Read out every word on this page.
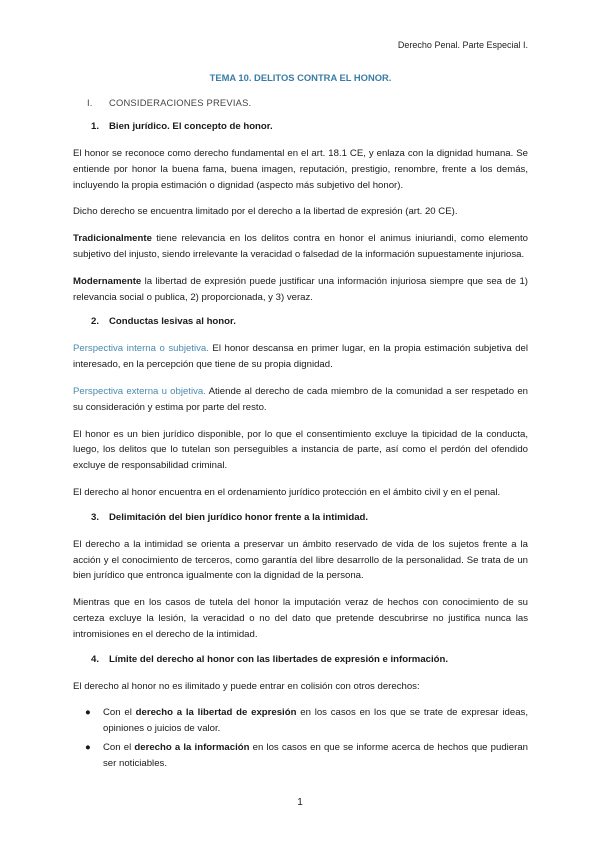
Derecho Penal. Parte Especial I.
TEMA 10. DELITOS CONTRA EL HONOR.
I. CONSIDERACIONES PREVIAS.
1. Bien jurídico. El concepto de honor.

El honor se reconoce como derecho fundamental en el art. 18.1 CE, y enlaza con la dignidad humana. Se entiende por honor la buena fama, buena imagen, reputación, prestigio, renombre, frente a los demás, incluyendo la propia estimación o dignidad (aspecto más subjetivo del honor).

Dicho derecho se encuentra limitado por el derecho a la libertad de expresión (art. 20 CE).

Tradicionalmente tiene relevancia en los delitos contra en honor el animus iniuriandi, como elemento subjetivo del injusto, siendo irrelevante la veracidad o falsedad de la información supuestamente injuriosa.

Modernamente la libertad de expresión puede justificar una información injuriosa siempre que sea de 1) relevancia social o publica, 2) proporcionada, y 3) veraz.

2. Conductas lesivas al honor.

Perspectiva interna o subjetiva. El honor descansa en primer lugar, en la propia estimación subjetiva del interesado, en la percepción que tiene de su propia dignidad.

Perspectiva externa u objetiva. Atiende al derecho de cada miembro de la comunidad a ser respetado en su consideración y estima por parte del resto.

El honor es un bien jurídico disponible, por lo que el consentimiento excluye la tipicidad de la conducta, luego, los delitos que lo tutelan son perseguibles a instancia de parte, así como el perdón del ofendido excluye de responsabilidad criminal.

El derecho al honor encuentra en el ordenamiento jurídico protección en el ámbito civil y en el penal.

3. Delimitación del bien jurídico honor frente a la intimidad.

El derecho a la intimidad se orienta a preservar un ámbito reservado de vida de los sujetos frente a la acción y el conocimiento de terceros, como garantía del libre desarrollo de la personalidad. Se trata de un bien jurídico que entronca igualmente con la dignidad de la persona.

Mientras que en los casos de tutela del honor la imputación veraz de hechos con conocimiento de su certeza excluye la lesión, la veracidad o no del dato que pretende descubrirse no justifica nunca las intromisiones en el derecho de la intimidad.

4. Límite del derecho al honor con las libertades de expresión e información.

El derecho al honor no es ilimitado y puede entrar en colisión con otros derechos:

● Con el derecho a la libertad de expresión en los casos en los que se trate de expresar ideas, opiniones o juicios de valor.
● Con el derecho a la información en los casos en que se informe acerca de hechos que pudieran ser noticiables.
1
